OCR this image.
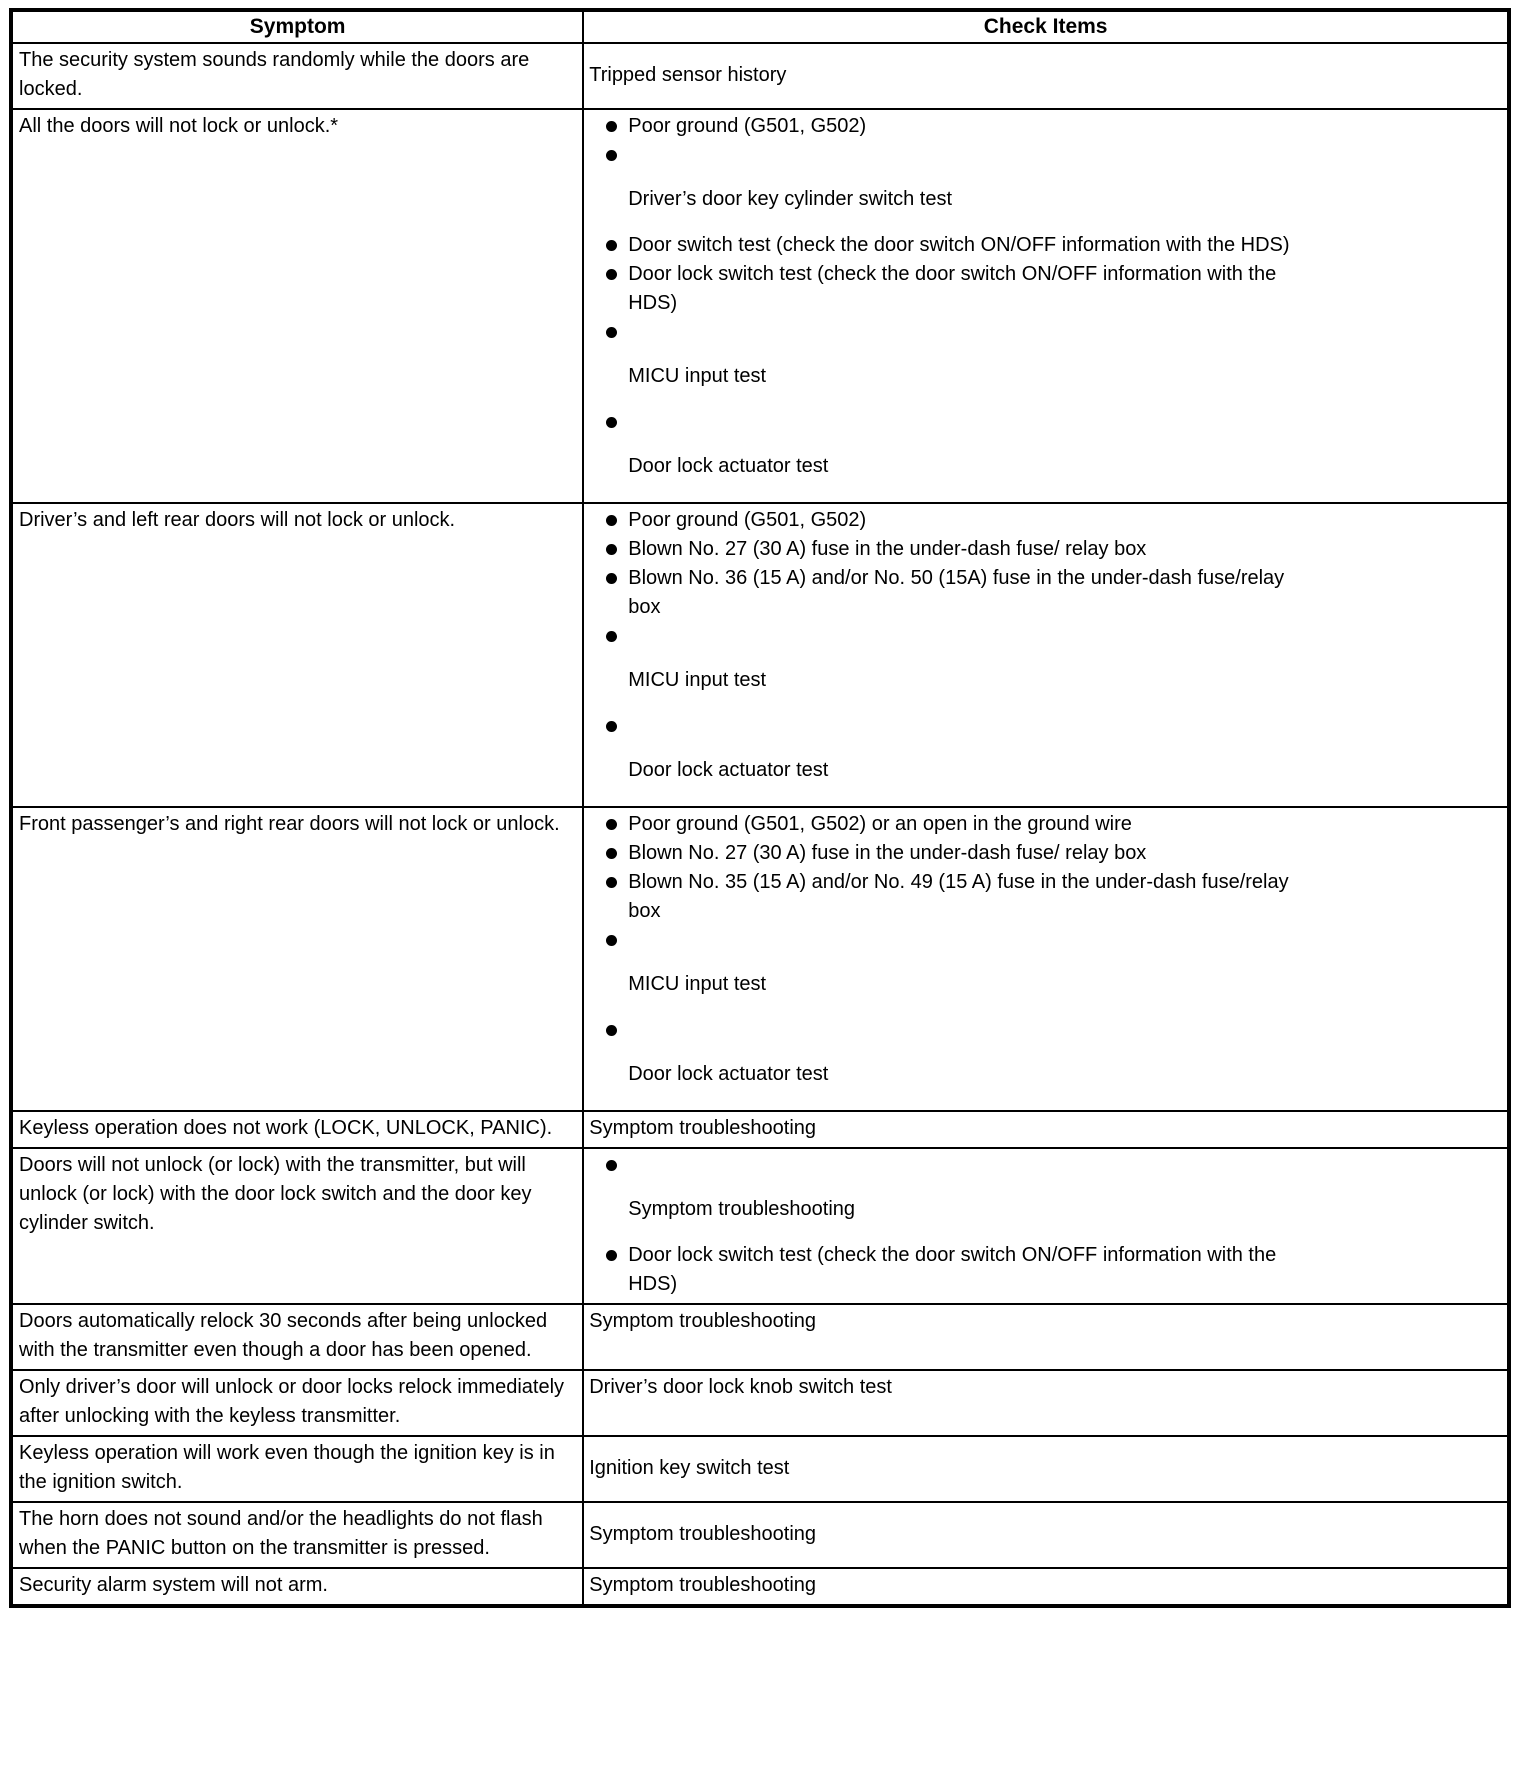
Symptom	Check Items

The security system sounds randomly while the doors are locked.	Tripped sensor history

All the doors will not lock or unlock.*	Poor ground (G501, G502)
Driver’s door key cylinder switch test
Door switch test (check the door switch ON/OFF information with the HDS)
Door lock switch test (check the door switch ON/OFF information with the HDS)
MICU input test
Door lock actuator test

Driver’s and left rear doors will not lock or unlock.	Poor ground (G501, G502)
Blown No. 27 (30 A) fuse in the under-dash fuse/ relay box
Blown No. 36 (15 A) and/or No. 50 (15A) fuse in the under-dash fuse/relay box
MICU input test
Door lock actuator test

Front passenger’s and right rear doors will not lock or unlock.	Poor ground (G501, G502) or an open in the ground wire
Blown No. 27 (30 A) fuse in the under-dash fuse/ relay box
Blown No. 35 (15 A) and/or No. 49 (15 A) fuse in the under-dash fuse/relay box
MICU input test
Door lock actuator test

Keyless operation does not work (LOCK, UNLOCK, PANIC).	Symptom troubleshooting

Doors will not unlock (or lock) with the transmitter, but will unlock (or lock) with the door lock switch and the door key cylinder switch.	Symptom troubleshooting
Door lock switch test (check the door switch ON/OFF information with the HDS)

Doors automatically relock 30 seconds after being unlocked with the transmitter even though a door has been opened.	Symptom troubleshooting

Only driver’s door will unlock or door locks relock immediately after unlocking with the keyless transmitter.	Driver’s door lock knob switch test

Keyless operation will work even though the ignition key is in the ignition switch.	Ignition key switch test

The horn does not sound and/or the headlights do not flash when the PANIC button on the transmitter is pressed.	Symptom troubleshooting

Security alarm system will not arm.	Symptom troubleshooting
